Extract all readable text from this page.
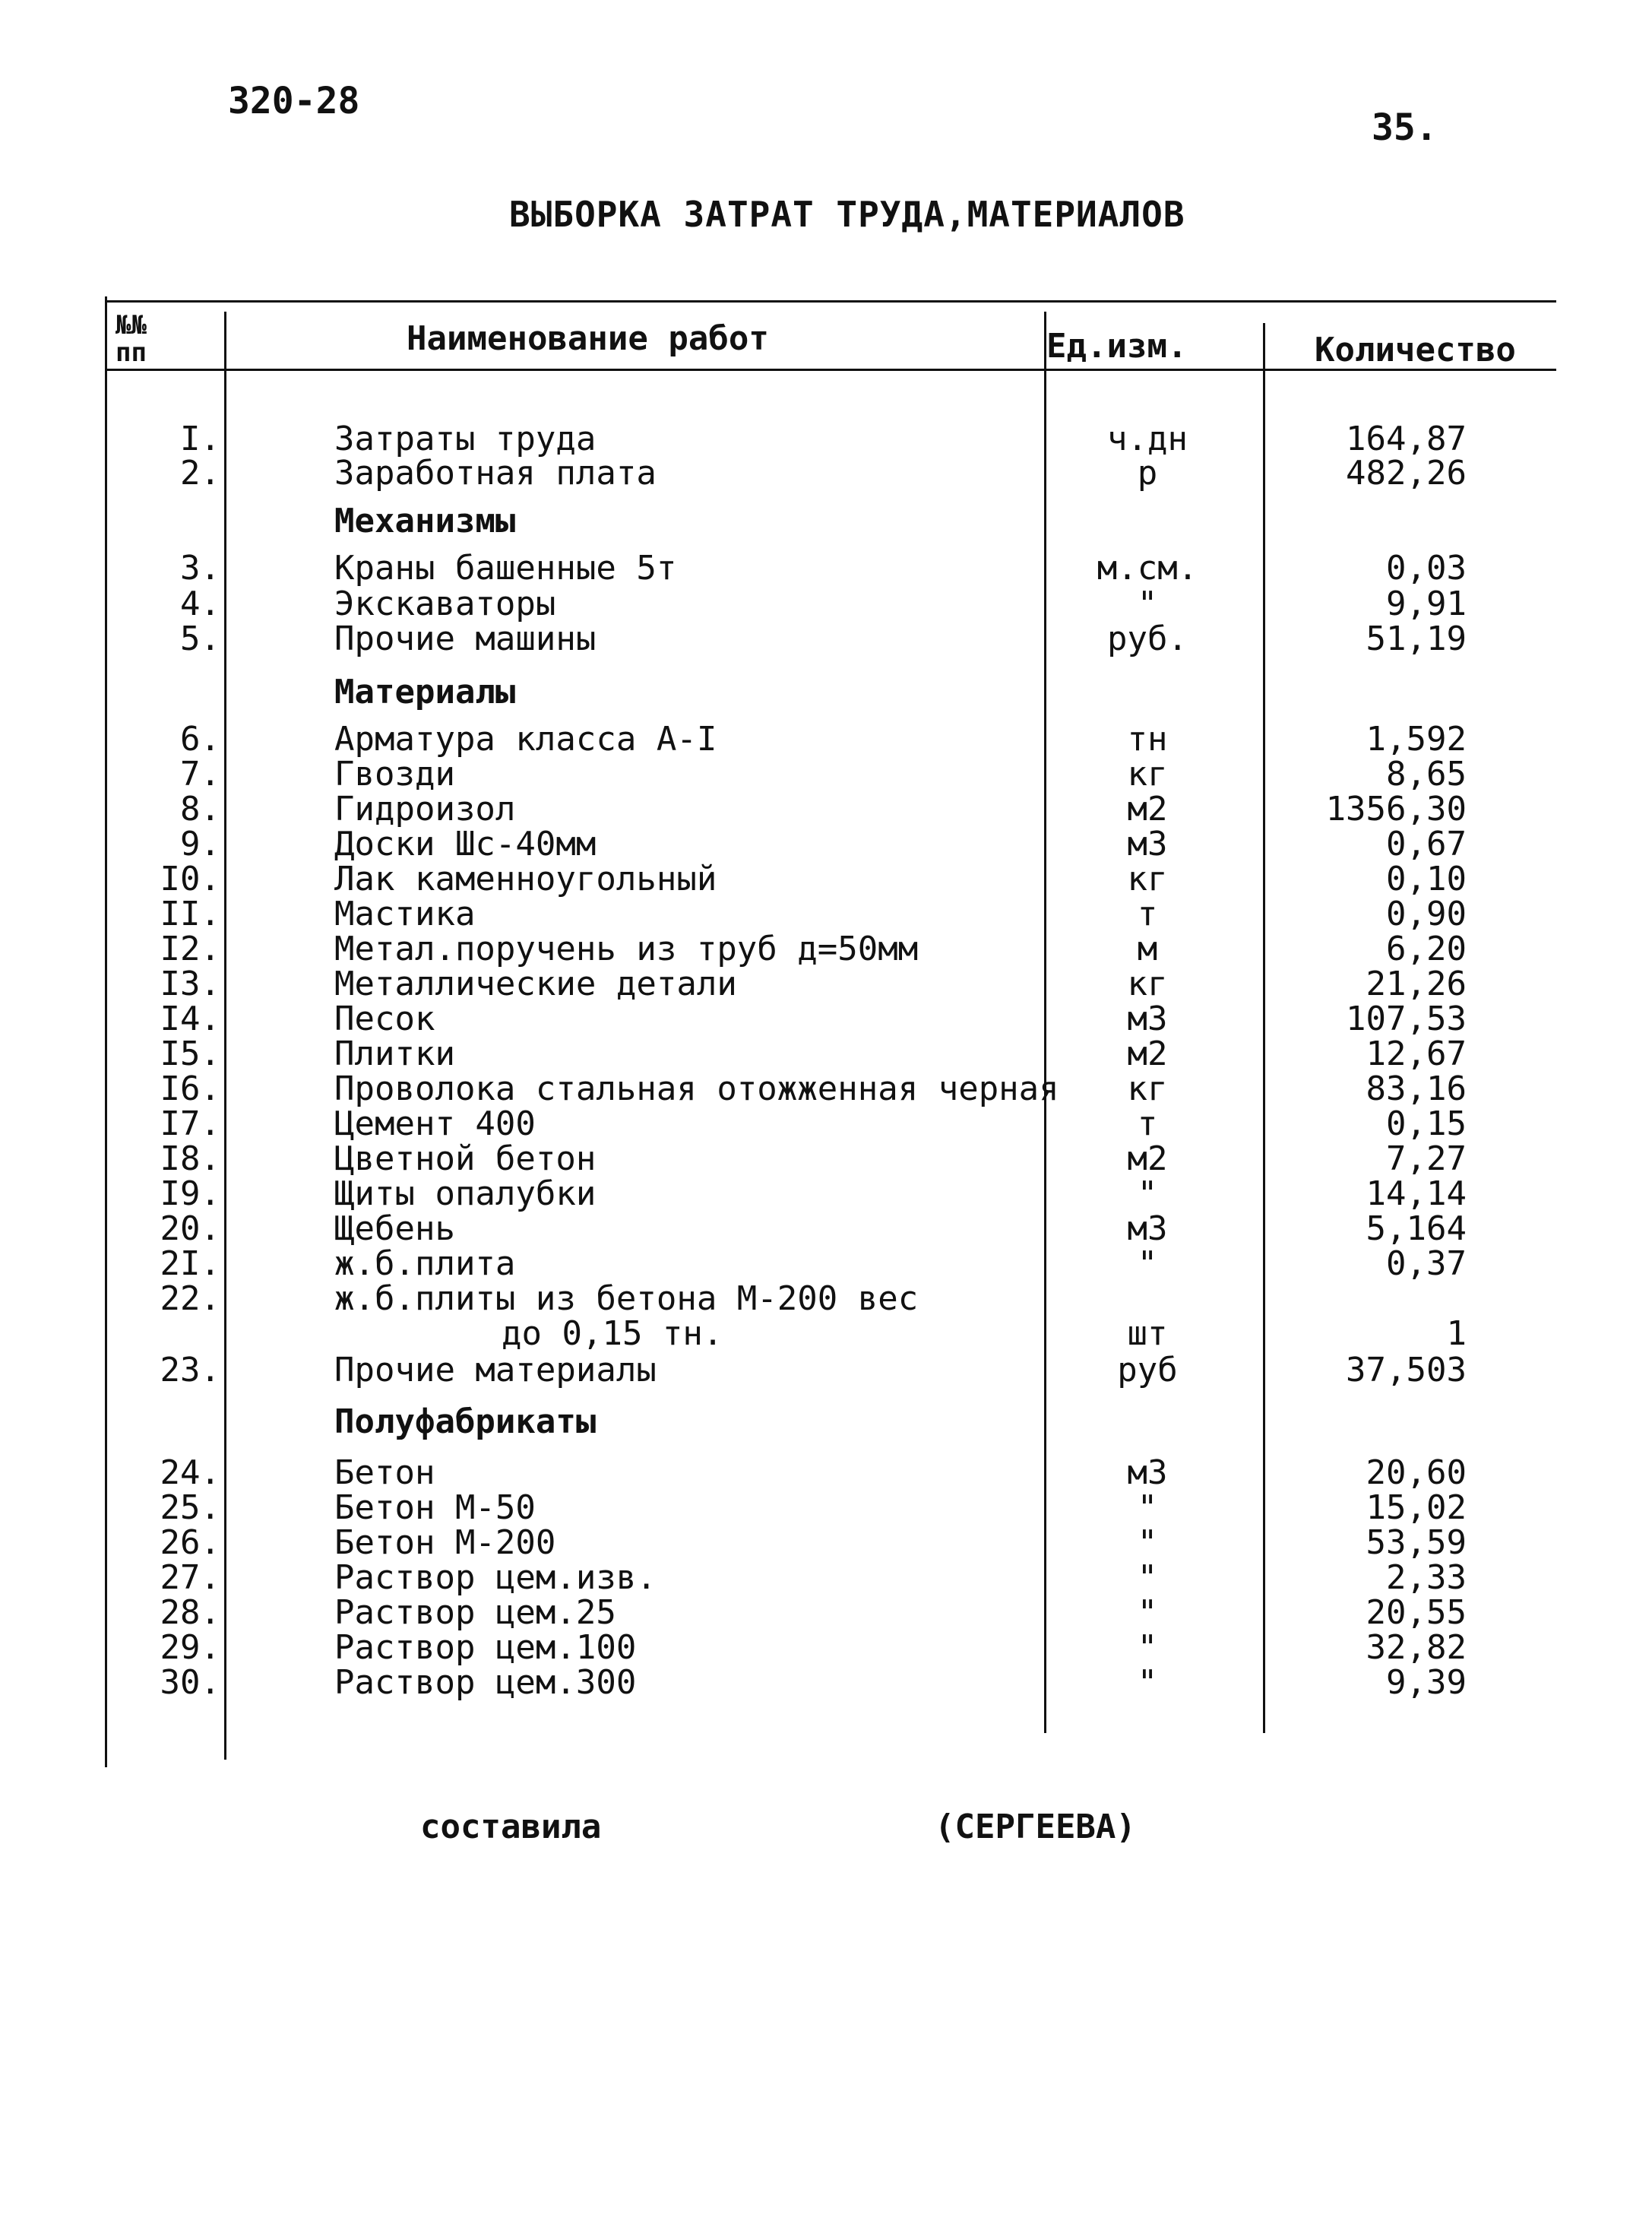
320-28
35.
ВЫБОРКА ЗАТРАТ ТРУДА,МАТЕРИАЛОВ
№№
пп	Наименование работ	Ед.изм.	Количество
Механизмы
Материалы
Полуфабрикаты
I.	Затраты труда	ч.дн	164,87
2.	Заработная плата	р	482,26
3.	Краны башенные 5т	м.см.	0,03
4.	Экскаваторы	"	9,91
5.	Прочие машины	руб.	51,19
6.	Арматура класса А-I	тн	1,592
7.	Гвозди	кг	8,65
8.	Гидроизол	м2	1356,30
9.	Доски Шс-40мм	м3	0,67
I0.	Лак каменноугольный	кг	0,10
II.	Мастика	т	0,90
I2.	Метал.поручень из труб д=50мм	м	6,20
I3.	Металлические детали	кг	21,26
I4.	Песок	м3	107,53
I5.	Плитки	м2	12,67
I6.	Проволока стальная отожженная черная	кг	83,16
I7.	Цемент 400	т	0,15
I8.	Цветной бетон	м2	7,27
I9.	Щиты опалубки	"	14,14
20.	Щебень	м3	5,164
2I.	ж.б.плита	"	0,37
22.	ж.б.плиты из бетона М-200 вес
до 0,15 тн.	шт	1
23.	Прочие материалы	руб	37,503
24.	Бетон	м3	20,60
25.	Бетон М-50	"	15,02
26.	Бетон М-200	"	53,59
27.	Раствор цем.изв.	"	2,33
28.	Раствор цем.25	"	20,55
29.	Раствор цем.100	"	32,82
30.	Раствор цем.300	"	9,39
составила	(СЕРГЕЕВА)
